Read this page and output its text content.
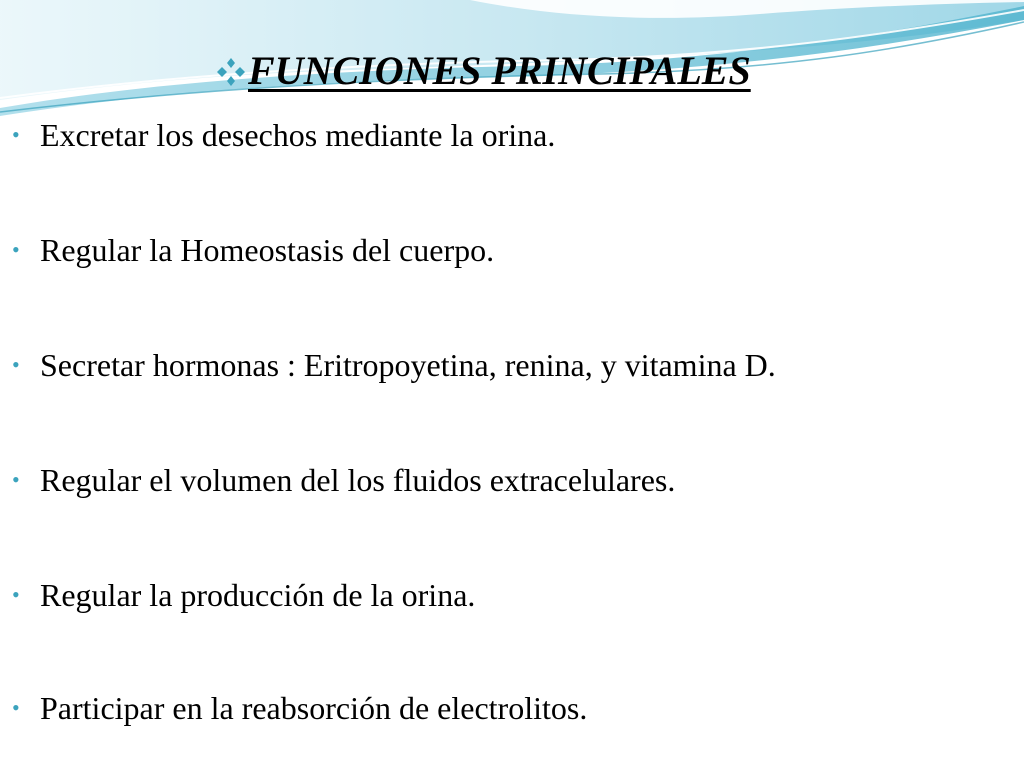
FUNCIONES PRINCIPALES
• Excretar los desechos mediante la orina.
• Regular la Homeostasis del cuerpo.
• Secretar hormonas : Eritropoyetina, renina, y vitamina D.
• Regular el volumen del los fluidos extracelulares.
• Regular la producción de la orina.
• Participar en la reabsorción de electrolitos.
